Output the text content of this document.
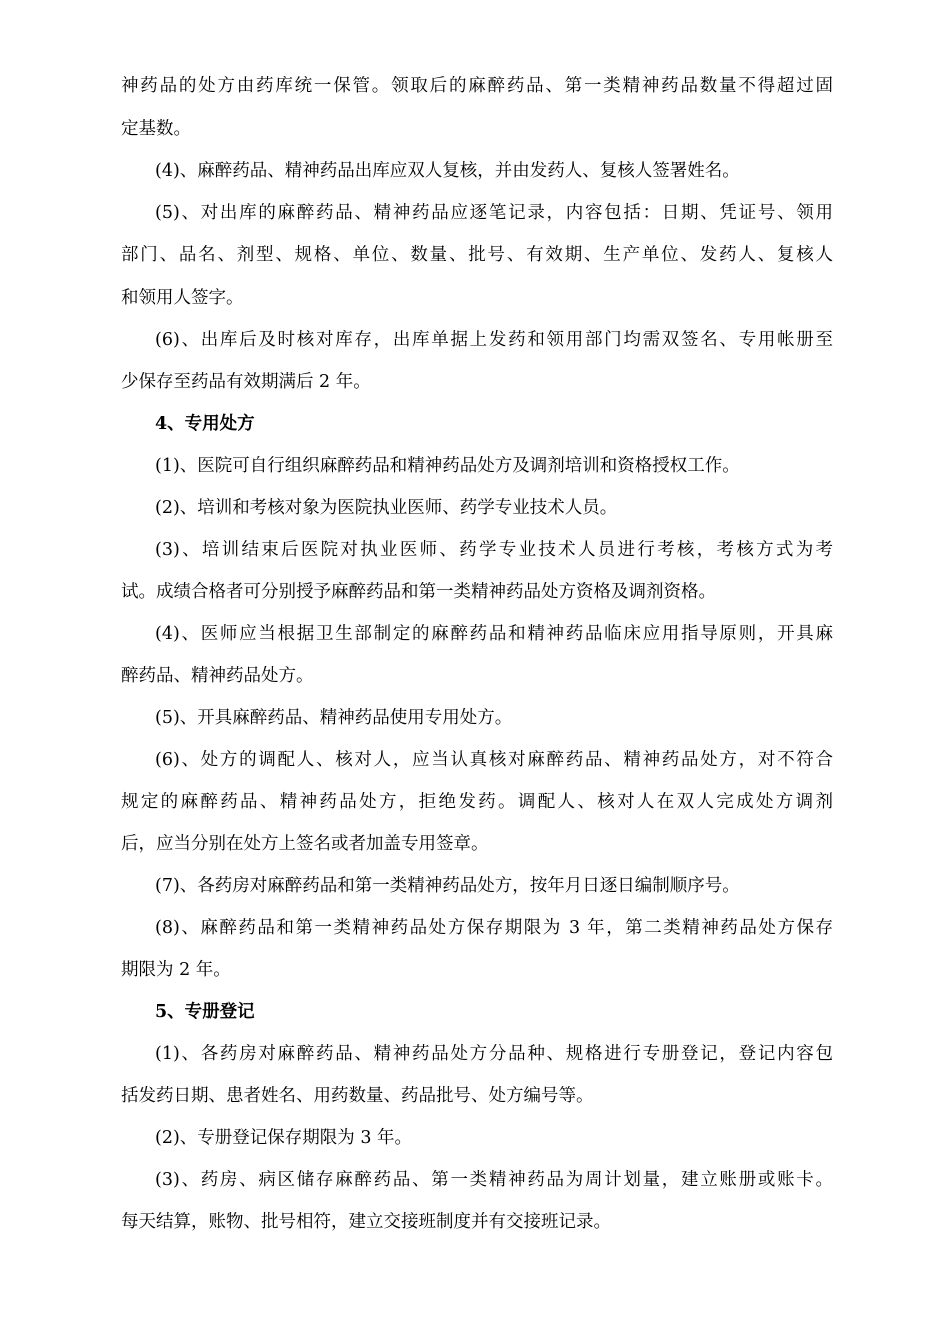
神药品的处方由药库统一保管。领取后的麻醉药品、第一类精神药品数量不得超过固
定基数。
(4)、麻醉药品、精神药品出库应双人复核，并由发药人、复核人签署姓名。
(5)、对出库的麻醉药品、精神药品应逐笔记录，内容包括：日期、凭证号、领用
部门、品名、剂型、规格、单位、数量、批号、有效期、生产单位、发药人、复核人
和领用人签字。
(6)、出库后及时核对库存，出库单据上发药和领用部门均需双签名、专用帐册至
少保存至药品有效期满后 2 年。
4、专用处方
(1)、医院可自行组织麻醉药品和精神药品处方及调剂培训和资格授权工作。
(2)、培训和考核对象为医院执业医师、药学专业技术人员。
(3)、培训结束后医院对执业医师、药学专业技术人员进行考核，考核方式为考
试。成绩合格者可分别授予麻醉药品和第一类精神药品处方资格及调剂资格。
(4)、医师应当根据卫生部制定的麻醉药品和精神药品临床应用指导原则，开具麻
醉药品、精神药品处方。
(5)、开具麻醉药品、精神药品使用专用处方。
(6)、处方的调配人、核对人，应当认真核对麻醉药品、精神药品处方，对不符合
规定的麻醉药品、精神药品处方，拒绝发药。调配人、核对人在双人完成处方调剂
后，应当分别在处方上签名或者加盖专用签章。
(7)、各药房对麻醉药品和第一类精神药品处方，按年月日逐日编制顺序号。
(8)、麻醉药品和第一类精神药品处方保存期限为 3 年，第二类精神药品处方保存
期限为 2 年。
5、专册登记
(1)、各药房对麻醉药品、精神药品处方分品种、规格进行专册登记，登记内容包
括发药日期、患者姓名、用药数量、药品批号、处方编号等。
(2)、专册登记保存期限为 3 年。
(3)、药房、病区储存麻醉药品、第一类精神药品为周计划量，建立账册或账卡。
每天结算，账物、批号相符，建立交接班制度并有交接班记录。
